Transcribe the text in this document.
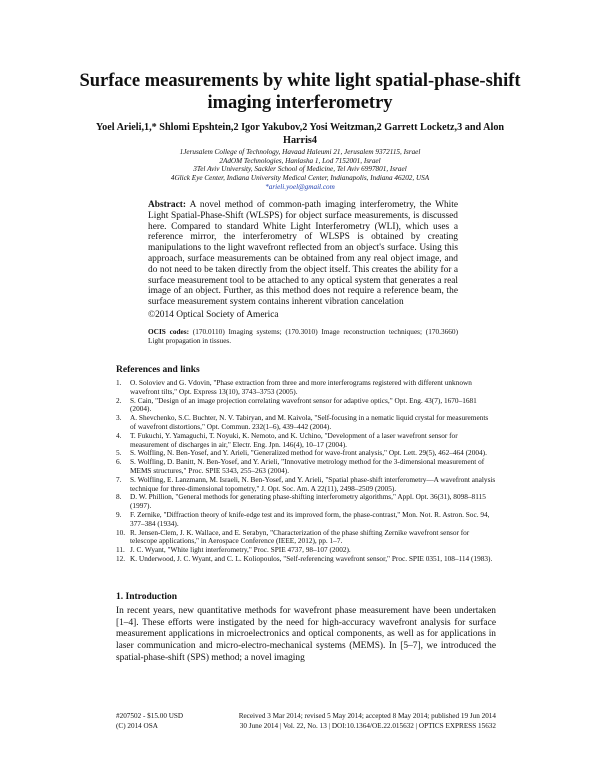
Surface measurements by white light spatial-phase-shift imaging interferometry
Yoel Arieli,1,* Shlomi Epshtein,2 Igor Yakubov,2 Yosi Weitzman,2 Garrett Locketz,3 and Alon Harris4
1Jerusalem College of Technology, Havaad Haleumi 21, Jerusalem 9372115, Israel
2AdOM Technologies, Hanlasha 1, Lod 7152001, Israel
3Tel Aviv University, Sackler School of Medicine, Tel Aviv 6997801, Israel
4Glick Eye Center, Indiana University Medical Center, Indianapolis, Indiana 46202, USA
*arieli.yoel@gmail.com

Abstract: A novel method of common-path imaging interferometry, the White Light Spatial-Phase-Shift (WLSPS) for object surface measurements, is discussed here. Compared to standard White Light Interferometry (WLI), which uses a reference mirror, the interferometry of WLSPS is obtained by creating manipulations to the light wavefront reflected from an object's surface. Using this approach, surface measurements can be obtained from any real object image, and do not need to be taken directly from the object itself. This creates the ability for a surface measurement tool to be attached to any optical system that generates a real image of an object. Further, as this method does not require a reference beam, the surface measurement system contains inherent vibration cancelation

©2014 Optical Society of America

OCIS codes: (170.0110) Imaging systems; (170.3010) Image reconstruction techniques; (170.3660) Light propagation in tissues.

References and links
1.	O. Soloviev and G. Vdovin, "Phase extraction from three and more interferograms registered with different unknown wavefront tilts," Opt. Express 13(10), 3743–3753 (2005).
2.	S. Cain, "Design of an image projection correlating wavefront sensor for adaptive optics," Opt. Eng. 43(7), 1670–1681 (2004).
3.	A. Shevchenko, S.C. Buchter, N. V. Tabiryan, and M. Kaivola, "Self-focusing in a nematic liquid crystal for measurements of wavefront distortions," Opt. Commun. 232(1–6), 439–442 (2004).
4.	T. Fukuchi, Y. Yamaguchi, T. Noyuki, K. Nemoto, and K. Uchino, "Development of a laser wavefront sensor for measurement of discharges in air," Electr. Eng. Jpn. 146(4), 10–17 (2004).
5.	S. Wolfling, N. Ben-Yosef, and Y. Arieli, "Generalized method for wave-front analysis," Opt. Lett. 29(5), 462–464 (2004).
6.	S. Wolfling, D. Banitt, N. Ben-Yosef, and Y. Arieli, "Innovative metrology method for the 3-dimensional measurement of MEMS structures," Proc. SPIE 5343, 255–263 (2004).
7.	S. Wolfling, E. Lanzmann, M. Israeli, N. Ben-Yosef, and Y. Arieli, "Spatial phase-shift interferometry—A wavefront analysis technique for three-dimensional topometry," J. Opt. Soc. Am. A 22(11), 2498–2509 (2005).
8.	D. W. Phillion, "General methods for generating phase-shifting interferometry algorithms," Appl. Opt. 36(31), 8098–8115 (1997).
9.	F. Zernike, "Diffraction theory of knife-edge test and its improved form, the phase-contrast," Mon. Not. R. Astron. Soc. 94, 377–384 (1934).
10. R. Jensen-Clem, J. K. Wallace, and E. Serabyn, "Characterization of the phase shifting Zernike wavefront sensor for telescope applications," in Aerospace Conference (IEEE, 2012), pp. 1–7.
11. J. C. Wyant, "White light interferometry," Proc. SPIE 4737, 98–107 (2002).
12. K. Underwood, J. C. Wyant, and C. L. Koliopoulos, "Self-referencing wavefront sensor," Proc. SPIE 0351, 108–114 (1983).
1. Introduction

In recent years, new quantitative methods for wavefront phase measurement have been undertaken [1–4]. These efforts were instigated by the need for high-accuracy wavefront analysis for surface measurement applications in microelectronics and optical components, as well as for applications in laser communication and micro-electro-mechanical systems (MEMS). In [5–7], we introduced the spatial-phase-shift (SPS) method; a novel imaging

#207502 - $15.00 USD
(C) 2014 OSA
Received 3 Mar 2014; revised 5 May 2014; accepted 8 May 2014; published 19 Jun 2014
30 June 2014 | Vol. 22, No. 13 | DOI:10.1364/OE.22.015632 | OPTICS EXPRESS 15632
